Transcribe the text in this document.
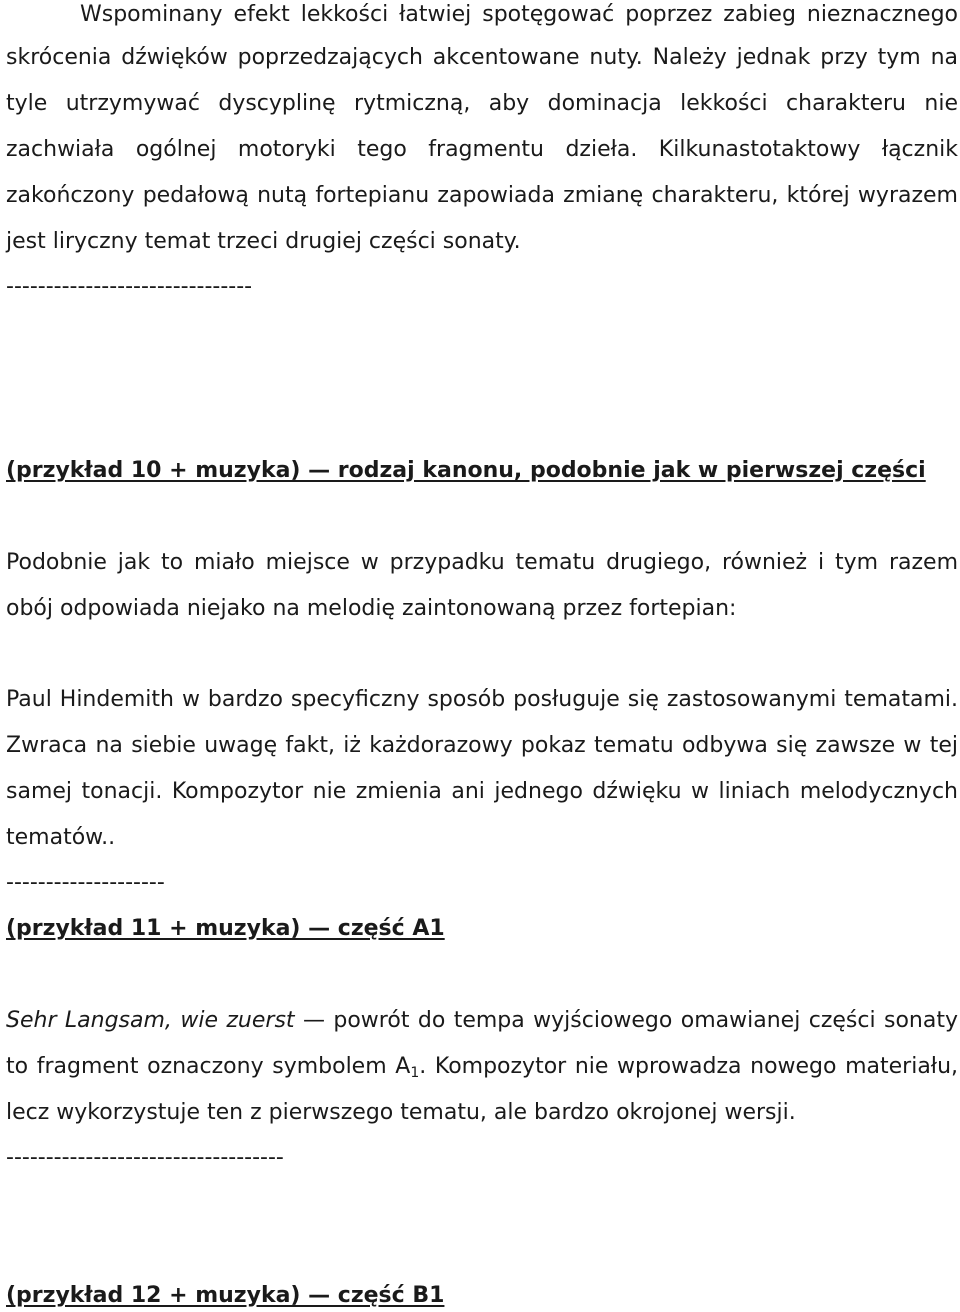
Wspominany efekt lekkości łatwiej spotęgować poprzez zabieg nieznacznego
skrócenia dźwięków poprzedzających akcentowane nuty. Należy jednak przy tym na
tyle utrzymywać dyscyplinę rytmiczną, aby dominacja lekkości charakteru nie
zachwiała ogólnej motoryki tego fragmentu dzieła. Kilkunastotaktowy łącznik
zakończony pedałową nutą fortepianu zapowiada zmianę charakteru, której wyrazem
jest liryczny temat trzeci drugiej części sonaty.
-------------------------------
(przykład 10 + muzyka) — rodzaj kanonu, podobnie jak w pierwszej części
Podobnie jak to miało miejsce w przypadku tematu drugiego, również i tym razem
obój odpowiada niejako na melodię zaintonowaną przez fortepian:
Paul Hindemith w bardzo specyficzny sposób posługuje się zastosowanymi tematami.
Zwraca na siebie uwagę fakt, iż każdorazowy pokaz tematu odbywa się zawsze w tej
samej tonacji. Kompozytor nie zmienia ani jednego dźwięku w liniach melodycznych
tematów..
--------------------
(przykład 11 + muzyka) — część A1
Sehr Langsam, wie zuerst — powrót do tempa wyjściowego omawianej części sonaty
to fragment oznaczony symbolem $A_1$. Kompozytor nie wprowadza nowego materiału,
lecz wykorzystuje ten z pierwszego tematu, ale bardzo okrojonej wersji.
-----------------------------------
(przykład 12 + muzyka) — część B1
